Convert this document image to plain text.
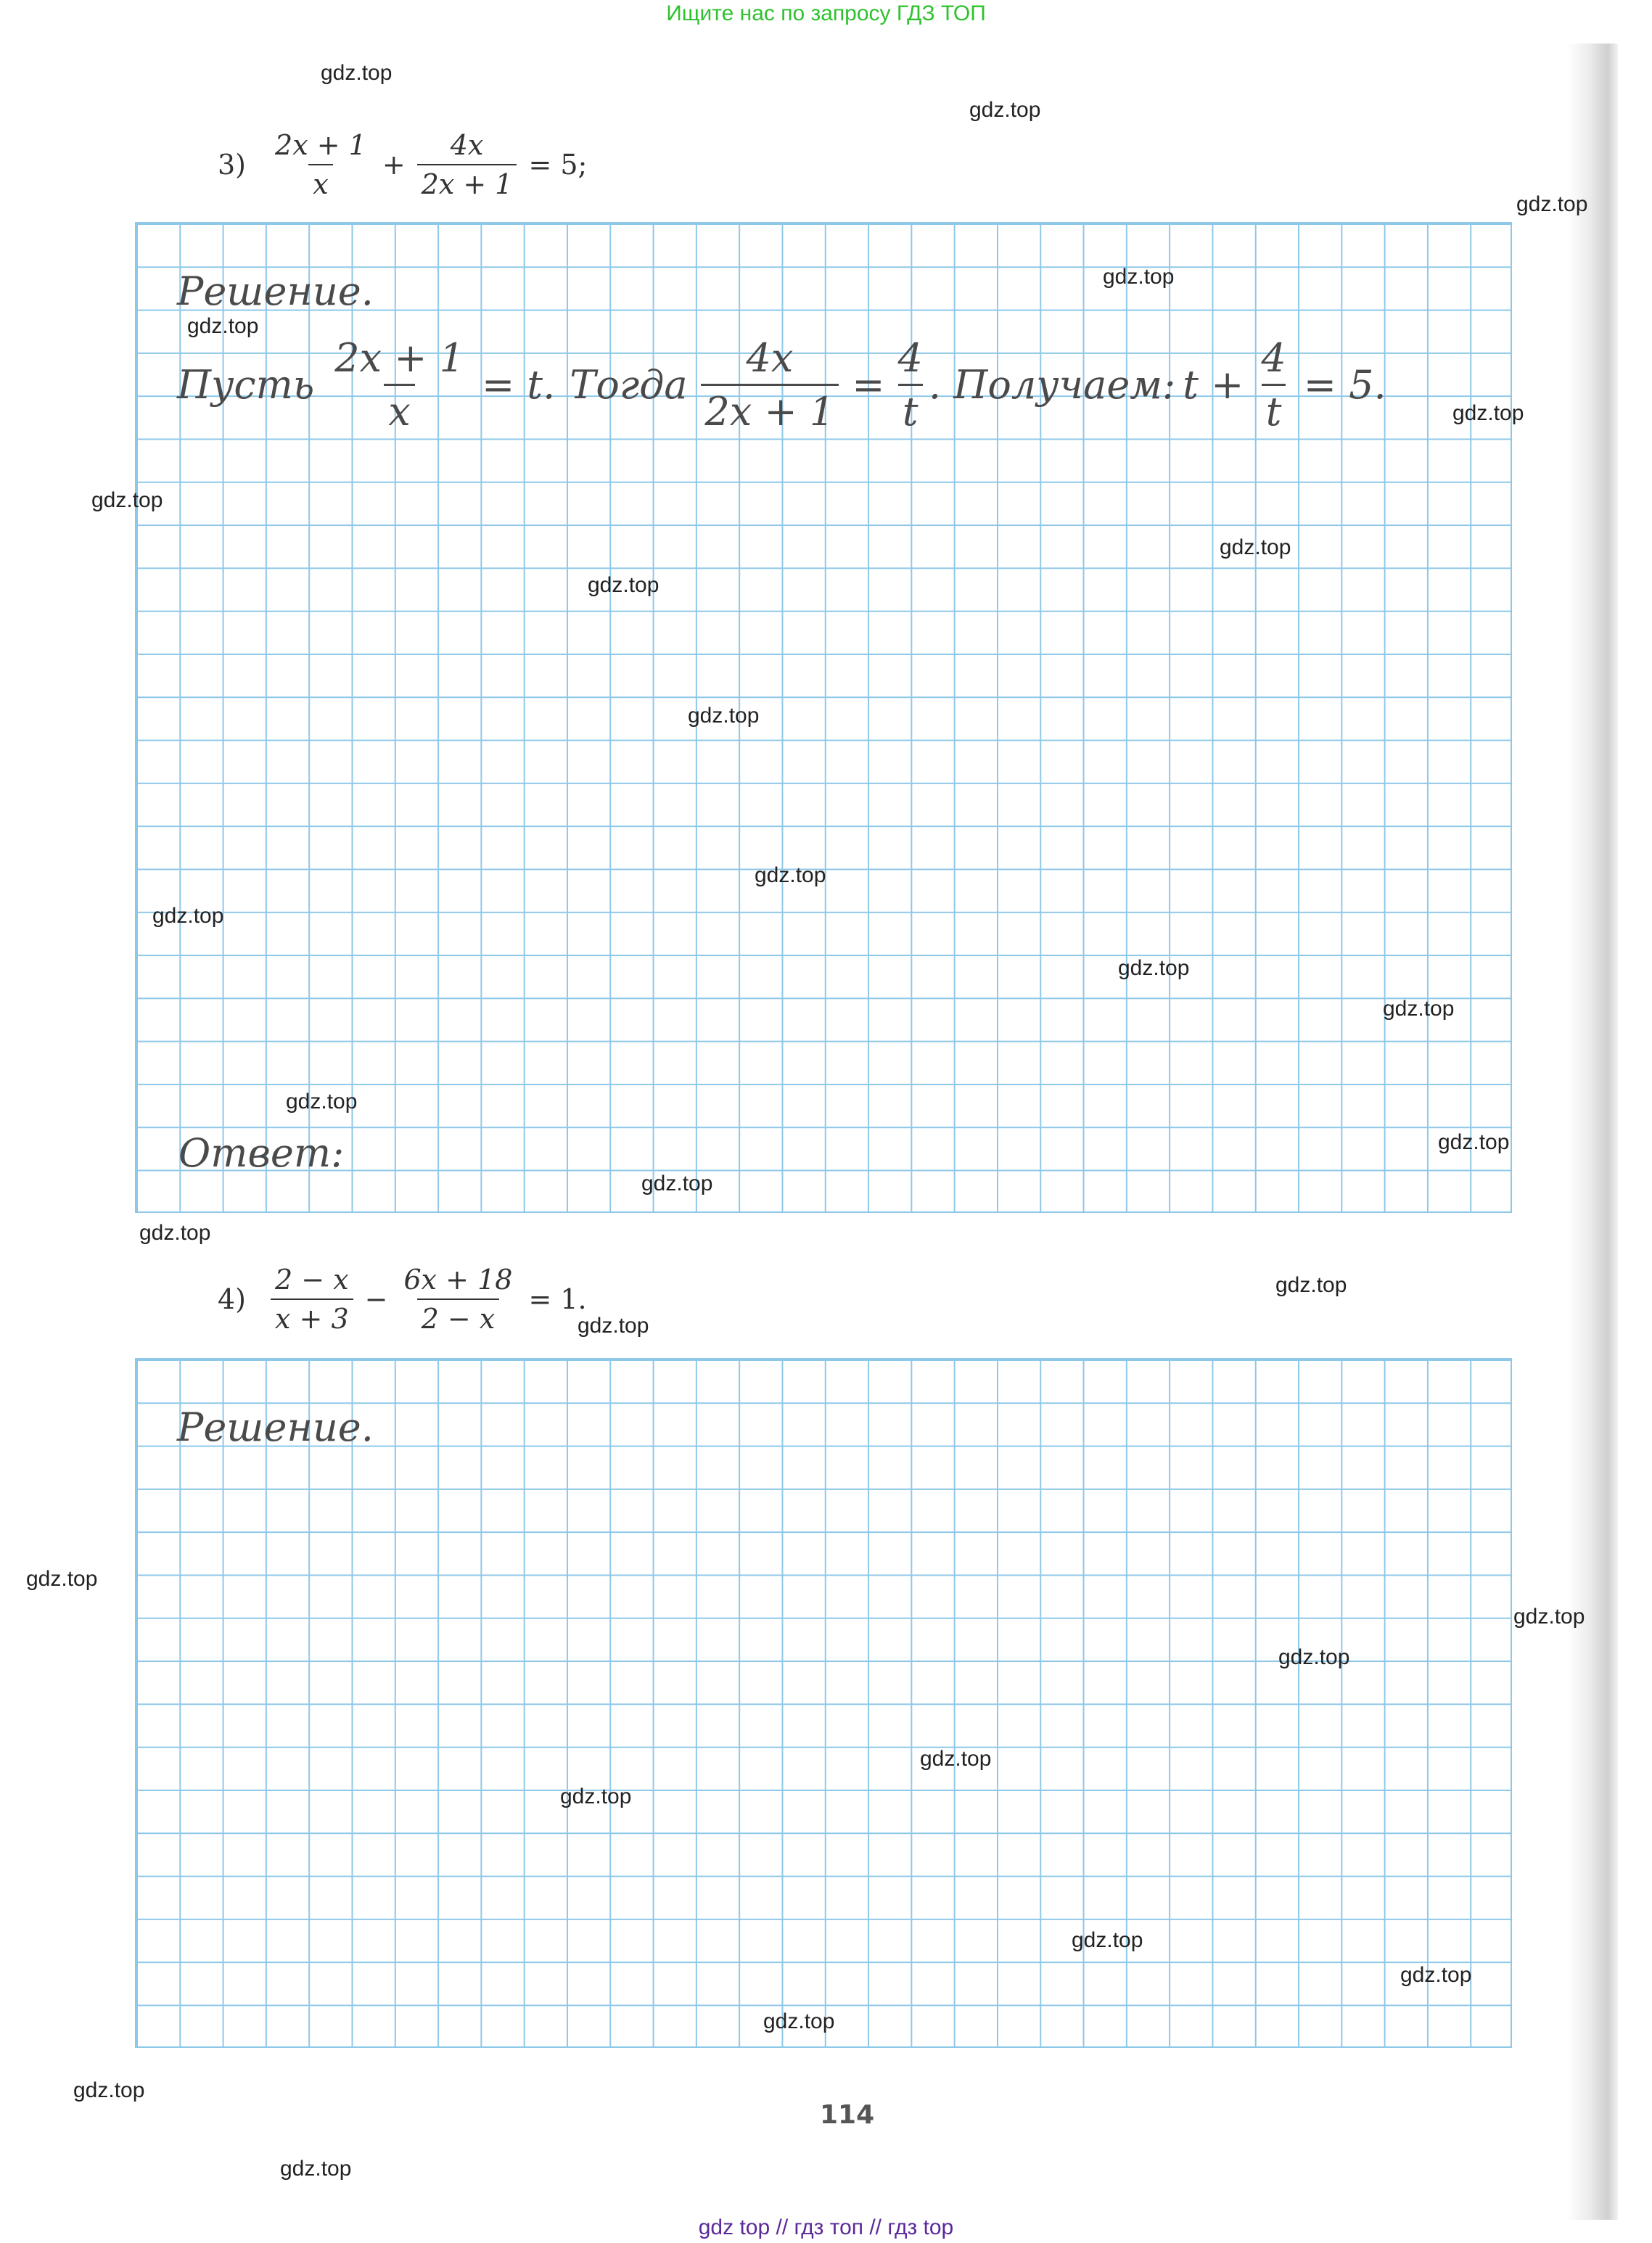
Ищите нас по запросу ГДЗ ТОП
$3) \frac{2x + 1}{x} + \frac{4x}{2x + 1} = 5$;
Решение.
Пусть $\frac{2x + 1}{x} = t$. Тогда $\frac{4x}{2x + 1} = \frac{4}{t}$ . Получаем: $t + \frac{4}{t} = 5$.
Ответ:
$4) \frac{2 - x}{x + 3} - \frac{6x + 18}{2 - x} = 1$.
Решение.
114
gdz.top
gdz.top
gdz.top
gdz.top
gdz.top
gdz.top
gdz.top
gdz.top
gdz.top
gdz.top
gdz.top
gdz.top
gdz.top
gdz.top
gdz.top
gdz.top
gdz.top
gdz.top
gdz.top
gdz.top
gdz.top
gdz.top
gdz.top
gdz.top
gdz.top
gdz.top
gdz.top
gdz.top
gdz.top
gdz.top
gdz top // гдз топ // гдз top
